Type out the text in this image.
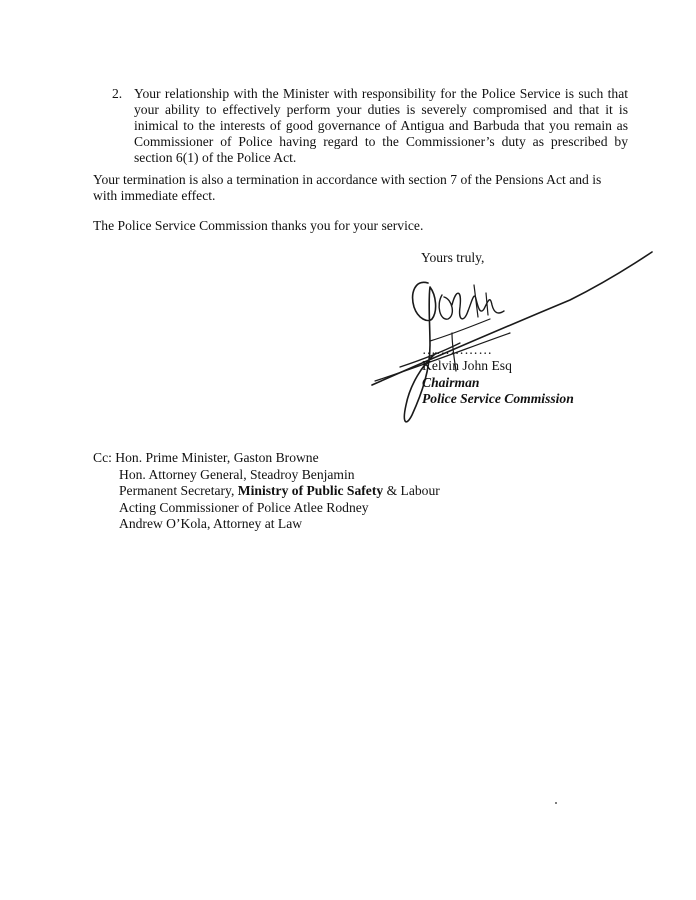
2. Your relationship with the Minister with responsibility for the Police Service is such that your ability to effectively perform your duties is severely compromised and that it is inimical to the interests of good governance of Antigua and Barbuda that you remain as Commissioner of Police having regard to the Commissioner’s duty as prescribed by section 6(1) of the Police Act.
Your termination is also a termination in accordance with section 7 of the Pensions Act and is with immediate effect.
The Police Service Commission thanks you for your service.
Yours truly,
……………
Kelvin John Esq
Chairman
Police Service Commission
Cc: Hon. Prime Minister, Gaston Browne
Hon. Attorney General, Steadroy Benjamin
Permanent Secretary, Ministry of Public Safety & Labour
Acting Commissioner of Police Atlee Rodney
Andrew O’Kola, Attorney at Law
